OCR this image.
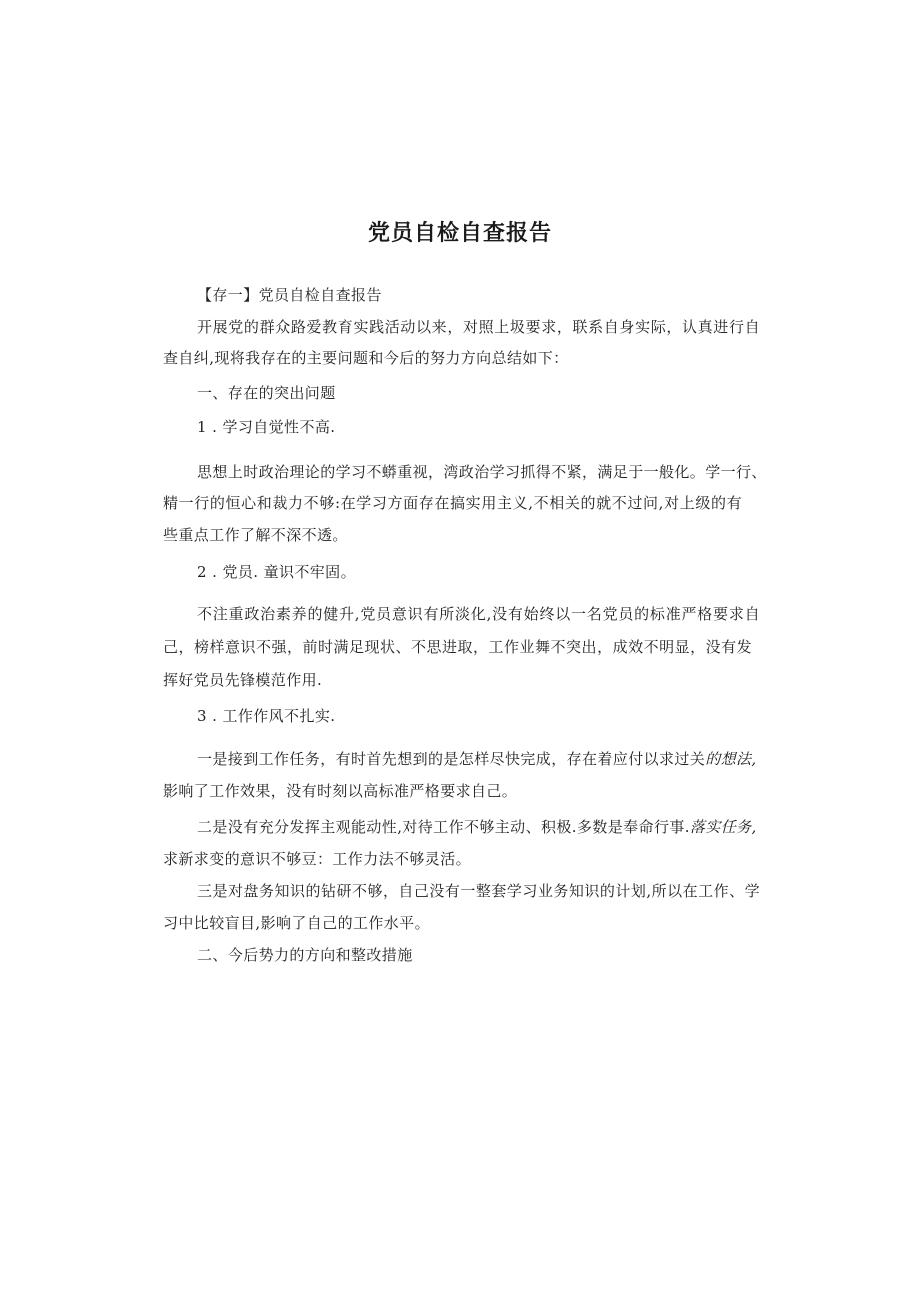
党员自检自查报告
【存一】党员自检自查报告
开展党的群众路爱教育实践活动以来，对照上圾要求，联系自身实际，认真进行自
查自纠,现将我存在的主要问题和今后的努力方向总结如下：
一、存在的突出问题
1 . 学习自觉性不高.
思想上时政治理论的学习不蟒重视，湾政治学习抓得不紧，满足于一般化。学一行、
精一行的恒心和裁力不够:在学习方面存在搞实用主义,不相关的就不过问,对上级的有
些重点工作了解不深不透。
2 . 党员. 童识不牢固。
不注重政治素养的健升,党员意识有所淡化,没有始终以一名党员的标准严格要求自
己，榜样意识不强，前时满足现状、不思进取，工作业舞不突出，成效不明显，没有发
挥好党员先锋模范作用.
3 . 工作作风不扎实.
一是接到工作任务，有时首先想到的是怎样尽快完成，存在着应付以求过关的想法,
影响了工作效果，没有时刻以高标准严格要求自己。
二是没有充分发挥主观能动性,对待工作不够主动、积极.多数是奉命行事.落实任务,
求新求变的意识不够豆：工作力法不够灵活。
三是对盘务知识的钻研不够，自己没有一整套学习业务知识的计划,所以在工作、学
习中比较盲目,影响了自己的工作水平。
二、今后势力的方向和整改措施
